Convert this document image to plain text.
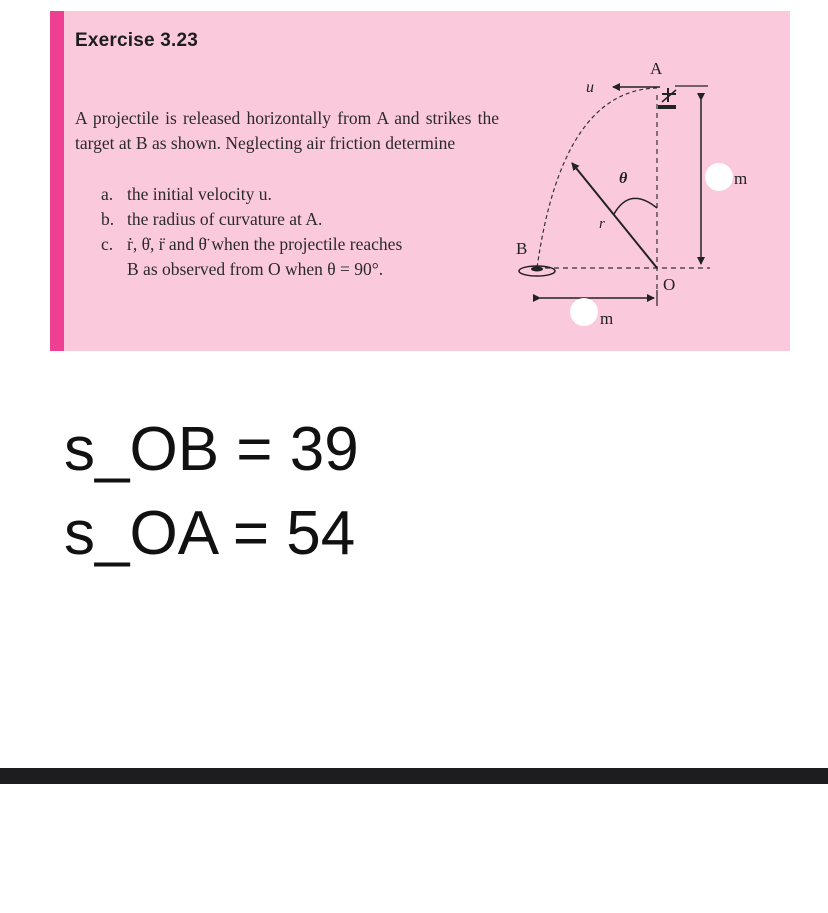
Exercise 3.23
A projectile is released horizontally from A and strikes the target at B as shown. Neglecting air friction determine
a. the initial velocity u.
b. the radius of curvature at A.
c. ṙ, θ̇, r̈ and θ̈ when the projectile reaches
B as observed from O when θ = 90°.
A
u
θ
r
B
O
m
m
s_OB = 39
s_OA = 54
